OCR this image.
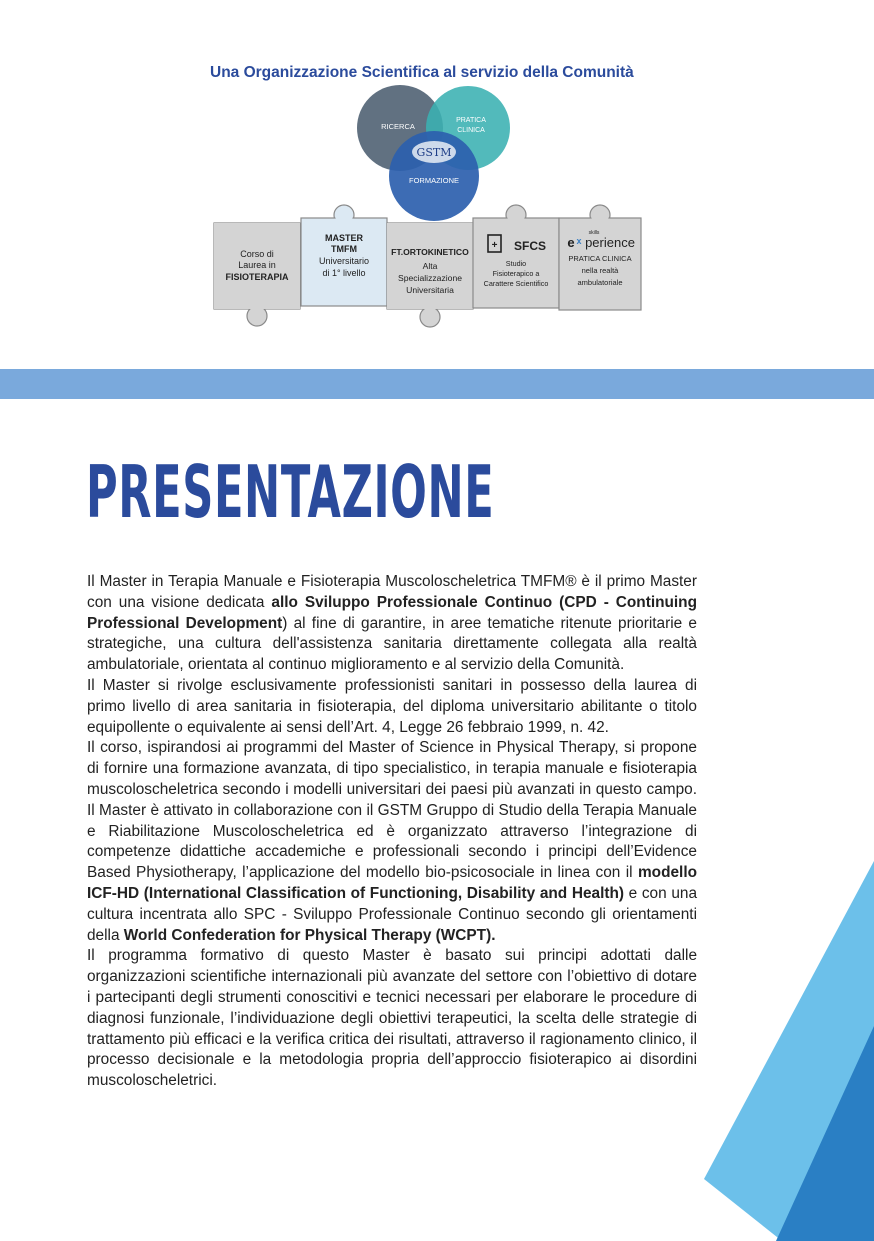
Una Organizzazione Scientifica al servizio della Comunità
RICERCA
PRATICA
CLINICA
GSTM
FORMAZIONE
Corso di
Laurea in
FISIOTERAPIA
MASTER
TMFM
Universitario
di 1° livello
FT.ORTOKINETICO
Alta
Specializzazione
Universitaria
+ SFCS
Studio
Fisioterapico a
Carattere Scientifico
skills
e x perience
PRATICA CLINICA
nella realtà
ambulatoriale
PRESENTAZIONE

Il Master in Terapia Manuale e Fisioterapia Muscoloscheletrica TMFM® è il primo Master con una visione dedicata allo Sviluppo Professionale Continuo (CPD - Continuing Professional Development) al fine di garantire, in aree tematiche ritenute prioritarie e strategiche, una cultura dell'assistenza sanitaria direttamente collegata alla realtà ambulatoriale, orientata al continuo miglioramento e al servizio della Comunità.

Il Master si rivolge esclusivamente professionisti sanitari in possesso della laurea di primo livello di area sanitaria in fisioterapia, del diploma universitario abilitante o titolo equipollente o equivalente ai sensi dell’Art. 4, Legge 26 febbraio 1999, n. 42.

Il corso, ispirandosi ai programmi del Master of Science in Physical Therapy, si propone di fornire una formazione avanzata, di tipo specialistico, in terapia manuale e fisioterapia muscoloscheletrica secondo i modelli universitari dei paesi più avanzati in questo campo. Il Master è attivato in collaborazione con il GSTM Gruppo di Studio della Terapia Manuale e Riabilitazione Muscoloscheletrica ed è organizzato attraverso l’integrazione di competenze didattiche accademiche e professionali secondo i principi dell’Evidence Based Physiotherapy, l’applicazione del modello bio-psicosociale in linea con il modello ICF-HD (International Classification of Functioning, Disability and Health) e con una cultura incentrata allo SPC - Sviluppo Professionale Continuo secondo gli orientamenti della World Confederation for Physical Therapy (WCPT).

Il programma formativo di questo Master è basato sui principi adottati dalle organizzazioni scientifiche internazionali più avanzate del settore con l’obiettivo di dotare i partecipanti degli strumenti conoscitivi e tecnici necessari per elaborare le procedure di diagnosi funzionale, l’individuazione degli obiettivi terapeutici, la scelta delle strategie di trattamento più efficaci e la verifica critica dei risultati, attraverso il ragionamento clinico, il processo decisionale e la metodologia propria dell’approccio fisioterapico ai disordini muscoloscheletrici.
